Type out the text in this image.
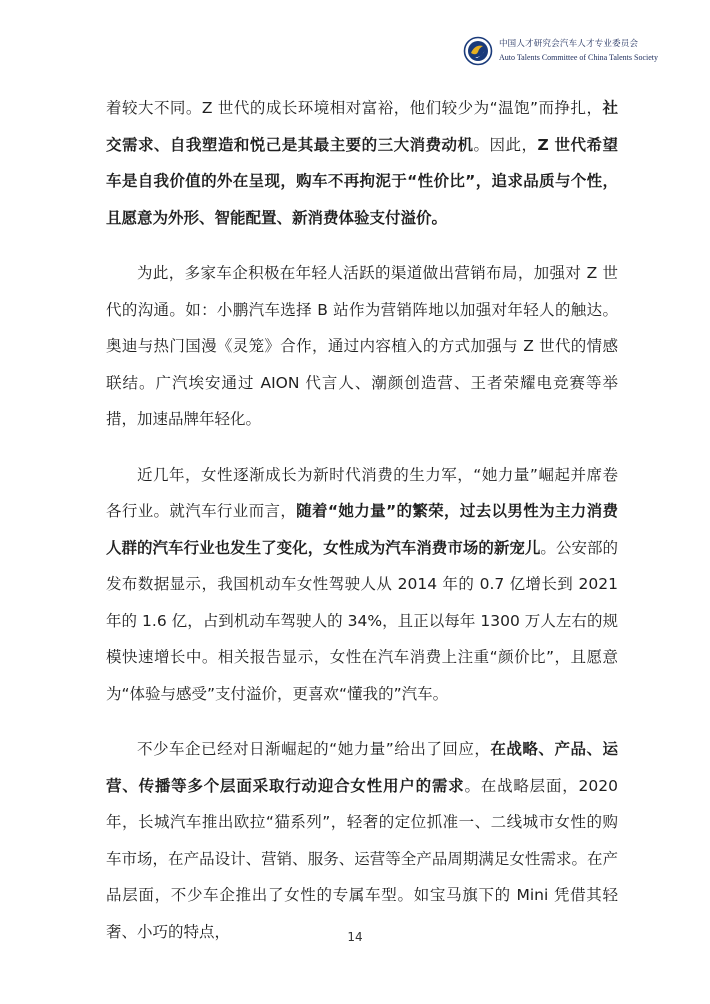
中国人才研究会汽车人才专业委员会
Auto Talents Committee of China Talents Society

着较大不同。Z 世代的成长环境相对富裕，他们较少为“温饱”而挣扎，社交需求、自我塑造和悦己是其最主要的三大消费动机。因此，Z 世代希望车是自我价值的外在呈现，购车不再拘泥于“性价比”，追求品质与个性，且愿意为外形、智能配置、新消费体验支付溢价。

为此，多家车企积极在年轻人活跃的渠道做出营销布局，加强对 Z 世代的沟通。如：小鹏汽车选择 B 站作为营销阵地以加强对年轻人的触达。奥迪与热门国漫《灵笼》合作，通过内容植入的方式加强与 Z 世代的情感联结。广汽埃安通过 AION 代言人、潮颜创造营、王者荣耀电竞赛等举措，加速品牌年轻化。

近几年，女性逐渐成长为新时代消费的生力军，“她力量”崛起并席卷各行业。就汽车行业而言，随着“她力量”的繁荣，过去以男性为主力消费人群的汽车行业也发生了变化，女性成为汽车消费市场的新宠儿。公安部的发布数据显示，我国机动车女性驾驶人从 2014 年的 0.7 亿增长到 2021 年的 1.6 亿，占到机动车驾驶人的 34%，且正以每年 1300 万人左右的规模快速增长中。相关报告显示，女性在汽车消费上注重“颜价比”，且愿意为“体验与感受”支付溢价，更喜欢“懂我的”汽车。

不少车企已经对日渐崛起的“她力量”给出了回应，在战略、产品、运营、传播等多个层面采取行动迎合女性用户的需求。在战略层面，2020 年，长城汽车推出欧拉“猫系列”，轻奢的定位抓准一、二线城市女性的购车市场，在产品设计、营销、服务、运营等全产品周期满足女性需求。在产品层面，不少车企推出了女性的专属车型。如宝马旗下的 Mini 凭借其轻奢、小巧的特点，	14
